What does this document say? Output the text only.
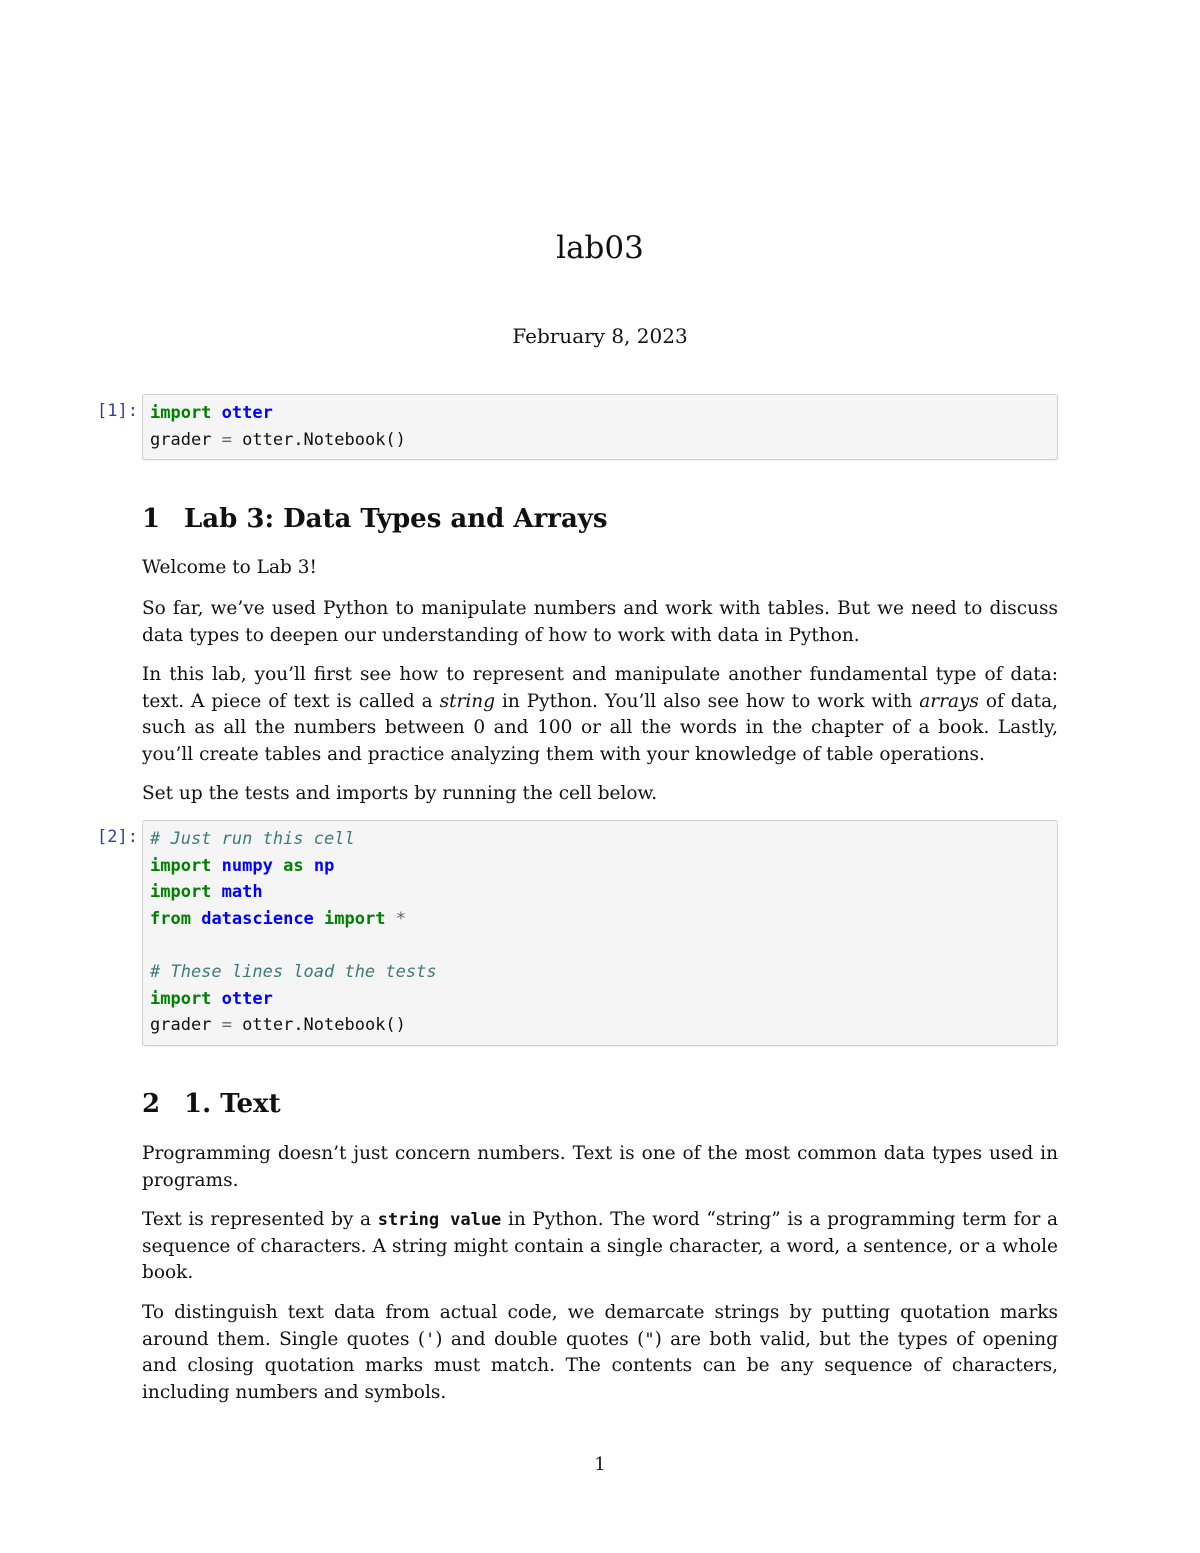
lab03
February 8, 2023
[1]: import otter
grader = otter.Notebook()
1 Lab 3: Data Types and Arrays
Welcome to Lab 3!
So far, we’ve used Python to manipulate numbers and work with tables. But we need to discuss data types to deepen our understanding of how to work with data in Python.
In this lab, you’ll first see how to represent and manipulate another fundamental type of data: text. A piece of text is called a string in Python. You’ll also see how to work with arrays of data, such as all the numbers between 0 and 100 or all the words in the chapter of a book. Lastly, you’ll create tables and practice analyzing them with your knowledge of table operations.
Set up the tests and imports by running the cell below.
[2]: # Just run this cell
import numpy as np
import math
from datascience import *
# These lines load the tests
import otter
grader = otter.Notebook()
2 1. Text
Programming doesn’t just concern numbers. Text is one of the most common data types used in programs.
Text is represented by a string value in Python. The word “string” is a programming term for a sequence of characters. A string might contain a single character, a word, a sentence, or a whole book.
To distinguish text data from actual code, we demarcate strings by putting quotation marks around them. Single quotes (') and double quotes (") are both valid, but the types of opening and closing quotation marks must match. The contents can be any sequence of characters, including numbers and symbols.
1
